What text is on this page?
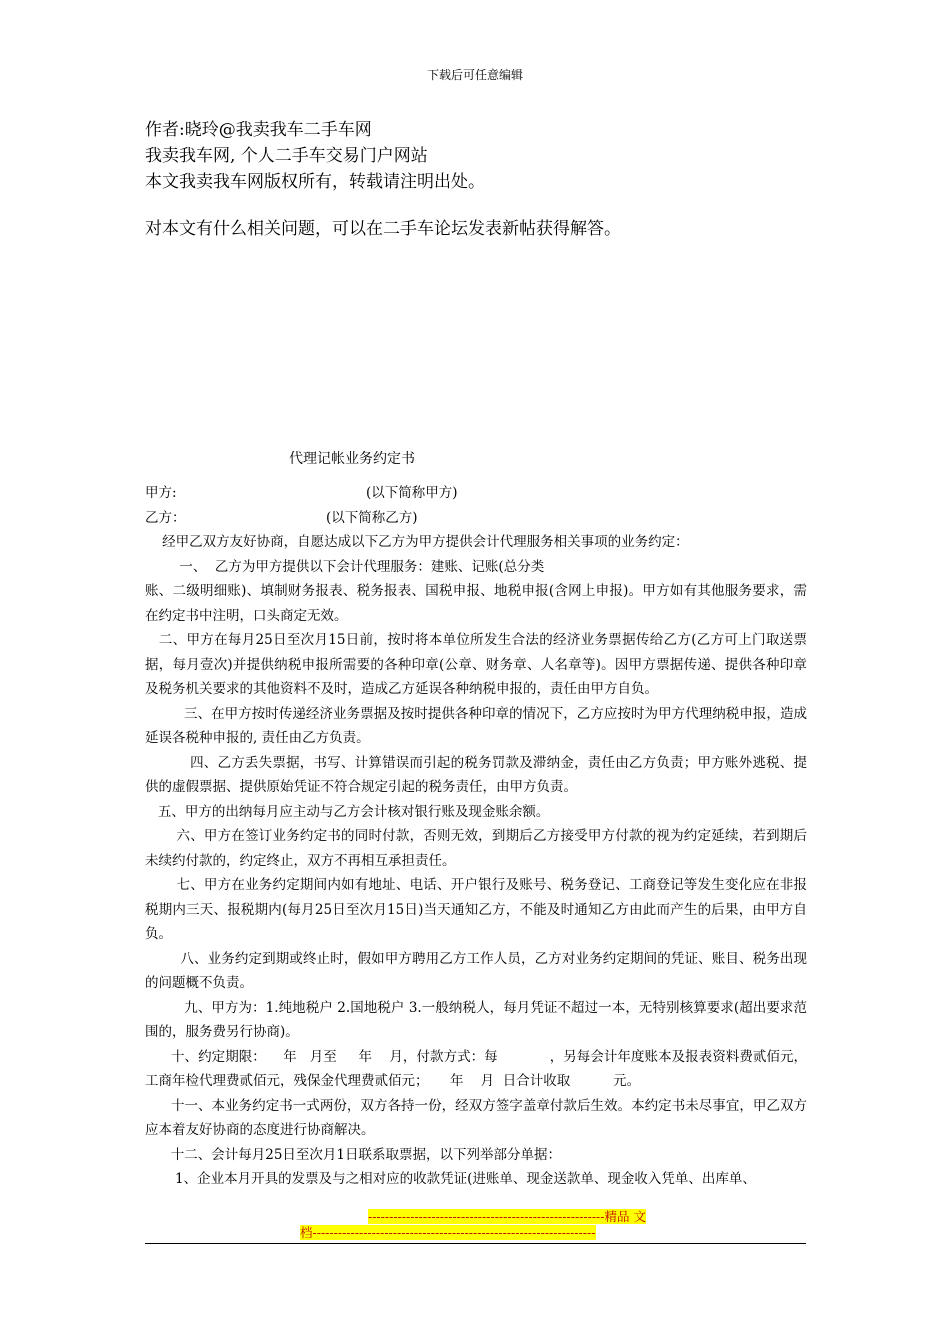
下载后可任意编辑
作者:晓玲@我卖我车二手车网
我卖我车网, 个人二手车交易门户网站
本文我卖我车网版权所有，转载请注明出处。
对本文有什么相关问题，可以在二手车论坛发表新帖获得解答。
代理记帐业务约定书
甲方:	(以下简称甲方)
乙方：	(以下简称乙方)

经甲乙双方友好协商，自愿达成以下乙方为甲方提供会计代理服务相关事项的业务约定：

一、  乙方为甲方提供以下会计代理服务：建账、记账(总分类

账、二级明细账)、填制财务报表、税务报表、国税申报、地税申报(含网上申报)。甲方如有其他服务要求，需在约定书中注明，口头商定无效。

二、甲方在每月25日至次月15日前，按时将本单位所发生合法的经济业务票据传给乙方(乙方可上门取送票据，每月壹次)并提供纳税申报所需要的各种印章(公章、财务章、人名章等)。因甲方票据传递、提供各种印章及税务机关要求的其他资料不及时，造成乙方延误各种纳税申报的，责任由甲方自负。

三、在甲方按时传递经济业务票据及按时提供各种印章的情况下，乙方应按时为甲方代理纳税申报，造成延误各税种申报的, 责任由乙方负责。

四、乙方丢失票据，书写、计算错误而引起的税务罚款及滞纳金，责任由乙方负责；甲方账外逃税、提供的虚假票据、提供原始凭证不符合规定引起的税务责任，由甲方负责。

五、甲方的出纳每月应主动与乙方会计核对银行账及现金账余额。

六、甲方在签订业务约定书的同时付款，否则无效，到期后乙方接受甲方付款的视为约定延续，若到期后未续约付款的，约定终止，双方不再相互承担责任。

七、甲方在业务约定期间内如有地址、电话、开户银行及账号、税务登记、工商登记等发生变化应在非报税期内三天、报税期内(每月25日至次月15日)当天通知乙方，不能及时通知乙方由此而产生的后果，由甲方自负。

八、业务约定到期或终止时，假如甲方聘用乙方工作人员，乙方对业务约定期间的凭证、账目、税务出现的问题概不负责。

九、甲方为：1.纯地税户 2.国地税户 3.一般纳税人，每月凭证不超过一本，无特别核算要求(超出要求范围的，服务费另行协商)。

十、约定期限：    年   月至     年    月，付款方式：每            ，另每会计年度账本及报表资料费贰佰元，工商年检代理费贰佰元，残保金代理费贰佰元；     年    月  日合计收取          元。

十一、本业务约定书一式两份，双方各持一份，经双方签字盖章付款后生效。本约定书未尽事宜，甲乙双方应本着友好协商的态度进行协商解决。

十二、会计每月25日至次月1日联系取票据，以下列举部分单据：

1、企业本月开具的发票及与之相对应的收款凭证(进账单、现金送款单、现金收入凭单、出库单、

--------------------------------------------------------精品 文
档-------------------------------------------------------------------
